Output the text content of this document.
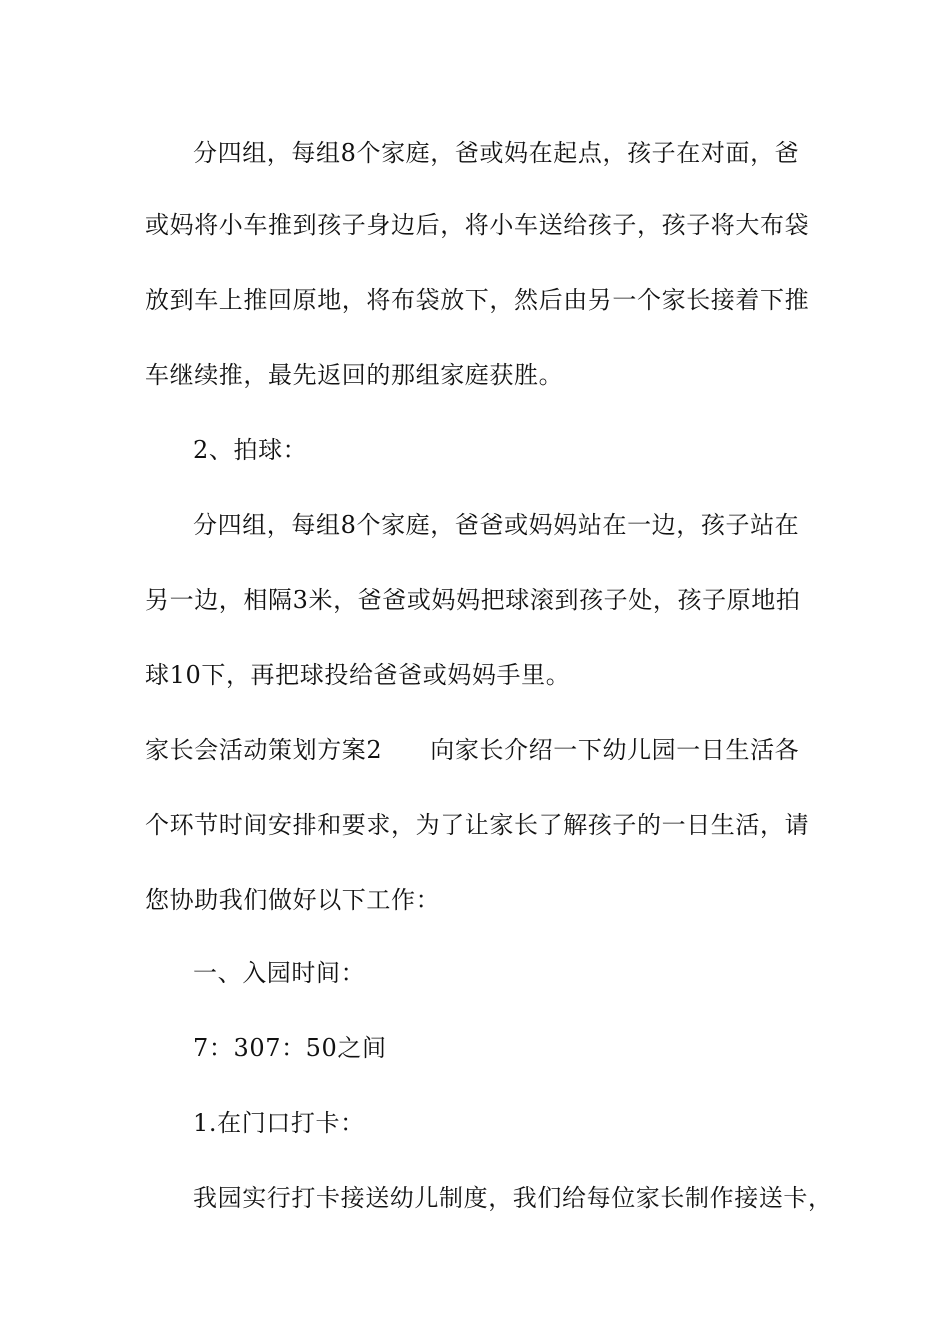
分四组，每组8个家庭，爸或妈在起点，孩子在对面，爸
或妈将小车推到孩子身边后，将小车送给孩子，孩子将大布袋
放到车上推回原地，将布袋放下，然后由另一个家长接着下推
车继续推，最先返回的那组家庭获胜。
2、拍球：
分四组，每组8个家庭，爸爸或妈妈站在一边，孩子站在
另一边，相隔3米，爸爸或妈妈把球滚到孩子处，孩子原地拍
球10下，再把球投给爸爸或妈妈手里。
家长会活动策划方案2 向家长介绍一下幼儿园一日生活各
个环节时间安排和要求，为了让家长了解孩子的一日生活，请
您协助我们做好以下工作：
一、入园时间：
7：307：50之间
1.在门口打卡：
我园实行打卡接送幼儿制度，我们给每位家长制作接送卡，
